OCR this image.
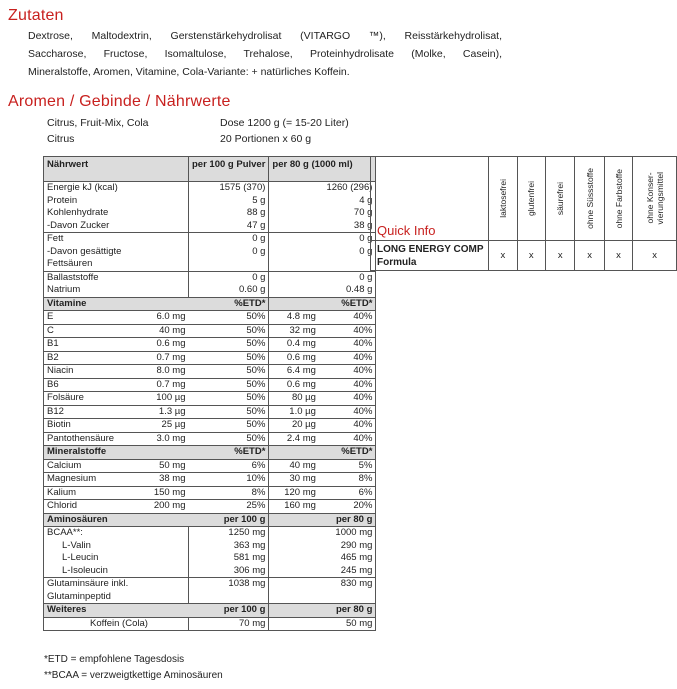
Zutaten
Dextrose, Maltodextrin, Gerstenstärkehydrolisat (VITARGO ™), Reisstärkehydrolisat,
Saccharose, Fructose, Isomaltulose, Trehalose, Proteinhydrolisate (Molke, Casein),
Mineralstoffe, Aromen, Vitamine, Cola-Variante: + natürliches Koffein.
Aromen / Gebinde / Nährwerte
Citrus, Fruit-Mix, Cola	Dose 1200 g (= 15-20 Liter)
Citrus	20 Portionen x 60 g
Nährwert		per 100 g Pulver	per 80 g (1000 ml)	
Energie kJ (kcal)		1575 (370)	1260 (296)	
Protein		5 g	4 g	
Kohlenhydrate		88 g	70 g	
-Davon Zucker		47 g	38 g	
Fett		0 g	0 g	
-Davon gesättigte		0 g	0 g	
Fettsäuren				
Ballaststoffe		0 g	0 g	
Natrium		0.60 g	0.48 g	
Vitamine		%ETD*		%ETD*
E	6.0 mg	50%	4.8 mg	40%
C	40 mg	50%	32 mg	40%
B1	0.6 mg	50%	0.4 mg	40%
B2	0.7 mg	50%	0.6 mg	40%
Niacin	8.0 mg	50%	6.4 mg	40%
B6	0.7 mg	50%	0.6 mg	40%
Folsäure	100 µg	50%	80 µg	40%
B12	1.3 µg	50%	1.0 µg	40%
Biotin	25 µg	50%	20 µg	40%
Pantothensäure	3.0 mg	50%	2.4 mg	40%
Mineralstoffe		%ETD*		%ETD*
Calcium	50 mg	6%	40 mg	5%
Magnesium	38 mg	10%	30 mg	8%
Kalium	150 mg	8%	120 mg	6%
Chlorid	200 mg	25%	160 mg	20%
Aminosäuren		per 100 g	per 80 g	
BCAA**:		1250 mg	1000 mg	
L-Valin		363 mg	290 mg	
L-Leucin		581 mg	465 mg	
L-Isoleucin		306 mg	245 mg	
Glutaminsäure inkl.		1038 mg	830 mg	
Glutaminpeptid				
Weiteres		per 100 g	per 80 g	
Koffein (Cola)		70 mg	50 mg	
*ETD = empfohlene Tagesdosis
**BCAA = verzweigtkettige Aminosäuren
Quick Info	laktosefrei	glutenfrei	säurefrei	ohne Süssstoffe	ohne Farbstoffe	ohne Konser-
vierungsmittel

LONG ENERGY COMP Formula	x	x	x	x	x	x
